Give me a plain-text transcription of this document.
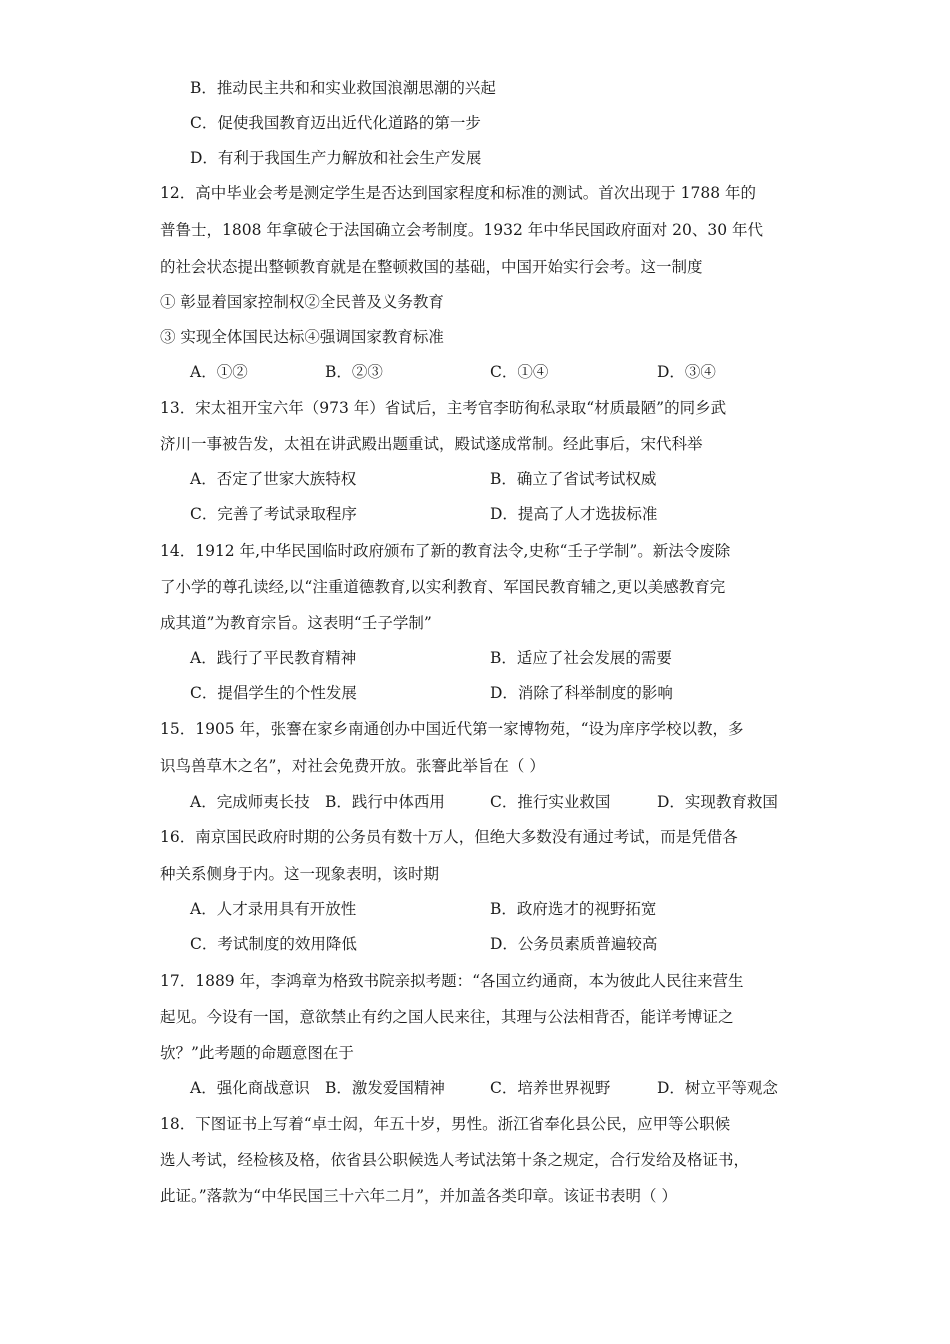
B．推动民主共和和实业救国浪潮思潮的兴起
C．促使我国教育迈出近代化道路的第一步
D．有利于我国生产力解放和社会生产发展
12．高中毕业会考是测定学生是否达到国家程度和标准的测试。首次出现于 1788 年的
普鲁士，1808 年拿破仑于法国确立会考制度。1932 年中华民国政府面对 20、30 年代
的社会状态提出整顿教育就是在整顿救国的基础，中国开始实行会考。这一制度
① 彰显着国家控制权②全民普及义务教育
③ 实现全体国民达标④强调国家教育标准
A．①②	B．②③	C．①④	D．③④
13．宋太祖开宝六年（973 年）省试后，主考官李昉徇私录取“材质最陋”的同乡武
济川一事被告发，太祖在讲武殿出题重试，殿试遂成常制。经此事后，宋代科举
A．否定了世家大族特权	B．确立了省试考试权威
C．完善了考试录取程序	D．提高了人才选拔标准
14．1912 年,中华民国临时政府颁布了新的教育法令,史称“壬子学制”。新法令废除
了小学的尊孔读经,以“注重道德教育,以实利教育、军国民教育辅之,更以美感教育完
成其道”为教育宗旨。这表明“壬子学制”
A．践行了平民教育精神	B．适应了社会发展的需要
C．提倡学生的个性发展	D．消除了科举制度的影响
15．1905 年，张謇在家乡南通创办中国近代第一家博物苑，“设为庠序学校以教，多
识鸟兽草木之名”，对社会免费开放。张謇此举旨在（ ）
A．完成师夷长技 B．践行中体西用	C．推行实业救国	D．实现教育救国
16．南京国民政府时期的公务员有数十万人，但绝大多数没有通过考试，而是凭借各
种关系侧身于内。这一现象表明，该时期
A．人才录用具有开放性	B．政府选才的视野拓宽
C．考试制度的效用降低	D．公务员素质普遍较高
17．1889 年，李鸿章为格致书院亲拟考题：“各国立约通商，本为彼此人民往来营生
起见。今设有一国，意欲禁止有约之国人民来往，其理与公法相背否，能详考博证之
欤？”此考题的命题意图在于
A．强化商战意识 B．激发爱国精神	C．培养世界视野	D．树立平等观念
18．下图证书上写着“卓士闳，年五十岁，男性。浙江省奉化县公民，应甲等公职候
选人考试，经检核及格，依省县公职候选人考试法第十条之规定，合行发给及格证书，
此证。”落款为“中华民国三十六年二月”，并加盖各类印章。该证书表明（ ）
